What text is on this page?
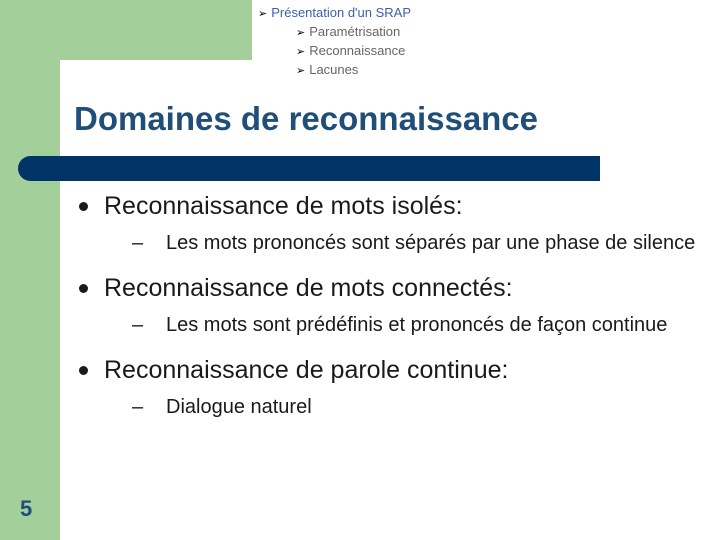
➢ Présentation d'un SRAP
➢ Paramétrisation
➢ Reconnaissance
➢ Lacunes
Domaines de reconnaissance
Reconnaissance de mots isolés:
– Les mots prononcés sont séparés par une phase de silence
Reconnaissance de mots connectés:
– Les mots sont prédéfinis et prononcés de façon continue
Reconnaissance de parole continue:
– Dialogue naturel
5
